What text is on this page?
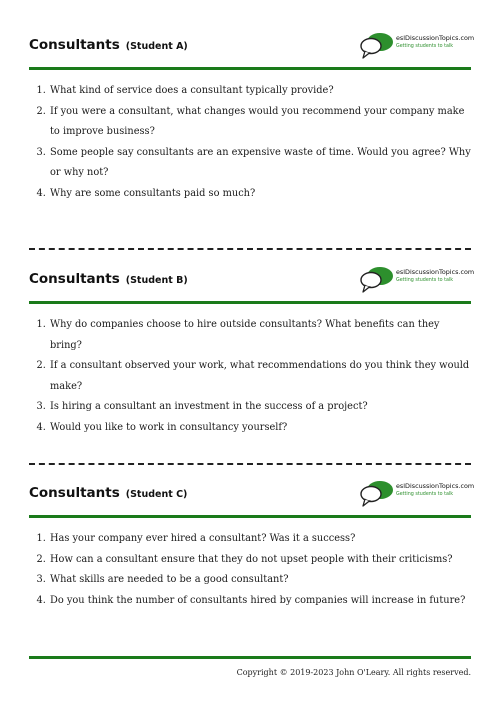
Consultants (Student A)
eslDiscussionTopics.com
Getting students to talk
1. What kind of service does a consultant typically provide?
2. If you were a consultant, what changes would you recommend your company make to improve business?
3. Some people say consultants are an expensive waste of time. Would you agree? Why or why not?
4. Why are some consultants paid so much?
Consultants (Student B)
eslDiscussionTopics.com
Getting students to talk
1. Why do companies choose to hire outside consultants? What benefits can they bring?
2. If a consultant observed your work, what recommendations do you think they would make?
3. Is hiring a consultant an investment in the success of a project?
4. Would you like to work in consultancy yourself?
Consultants (Student C)
eslDiscussionTopics.com
Getting students to talk
1. Has your company ever hired a consultant? Was it a success?
2. How can a consultant ensure that they do not upset people with their criticisms?
3. What skills are needed to be a good consultant?
4. Do you think the number of consultants hired by companies will increase in future?
Copyright © 2019-2023 John O'Leary. All rights reserved.
